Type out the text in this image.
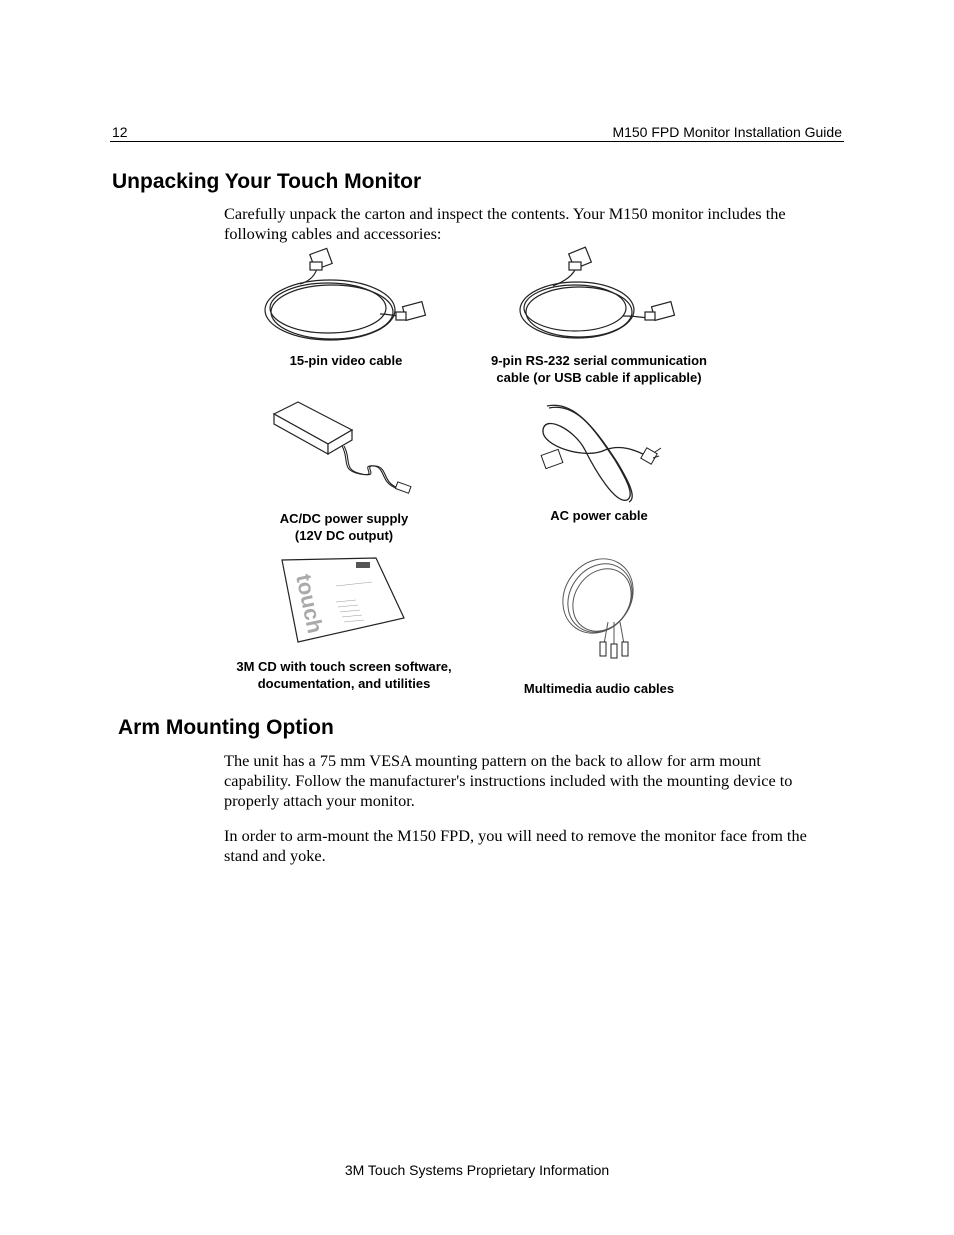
12	M150 FPD Monitor Installation Guide
Unpacking Your Touch Monitor
Carefully unpack the carton and inspect the contents. Your M150 monitor includes the
following cables and accessories:
15-pin video cable	9-pin RS-232 serial communication
cable (or USB cable if applicable)
AC/DC power supply
(12V DC output)
AC power cable
touch
3M CD with touch screen software,
documentation, and utilities	Multimedia audio cables
Arm Mounting Option
The unit has a 75 mm VESA mounting pattern on the back to allow for arm mount
capability. Follow the manufacturer's instructions included with the mounting device to
properly attach your monitor.
In order to arm-mount the M150 FPD, you will need to remove the monitor face from the
stand and yoke.
3M Touch Systems Proprietary Information
